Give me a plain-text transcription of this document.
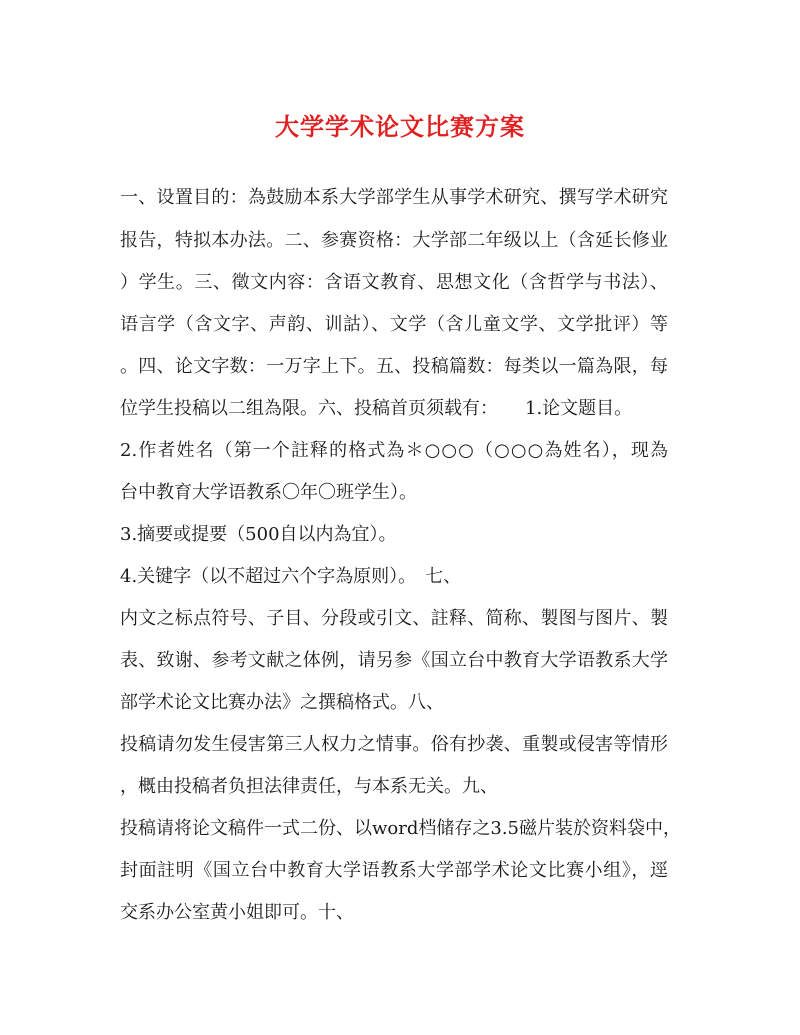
大学学术论文比赛方案
一、设置目的：為鼓励本系大学部学生从事学术研究、撰写学术研究
报告，特拟本办法。二、参赛资格：大学部二年级以上（含延长修业
）学生。三、徵文内容：含语文教育、思想文化（含哲学与书法）、
语言学（含文字、声韵、训詁）、文学（含儿童文学、文学批评）等
。四、论文字数：一万字上下。五、投稿篇数：每类以一篇為限，每
位学生投稿以二组為限。六、投稿首页须载有：　　1.论文题目。
2.作者姓名（第一个註释的格式為＊○○○（○○○為姓名），现為
台中教育大学语教系〇年〇班学生）。
3.摘要或提要（500自以内為宜）。
4.关键字（以不超过六个字為原则）。　七、
内文之标点符号、子目、分段或引文、註释、简称、製图与图片、製
表、致谢、参考文献之体例，请另参《国立台中教育大学语教系大学
部学术论文比赛办法》之撰稿格式。八、
投稿请勿发生侵害第三人权力之情事。俗有抄袭、重製或侵害等情形
，概由投稿者负担法律责任，与本系无关。九、
投稿请将论文稿件一式二份、以word档储存之3.5磁片装於资料袋中，
封面註明《国立台中教育大学语教系大学部学术论文比赛小组》，逕
交系办公室黄小姐即可。十、
